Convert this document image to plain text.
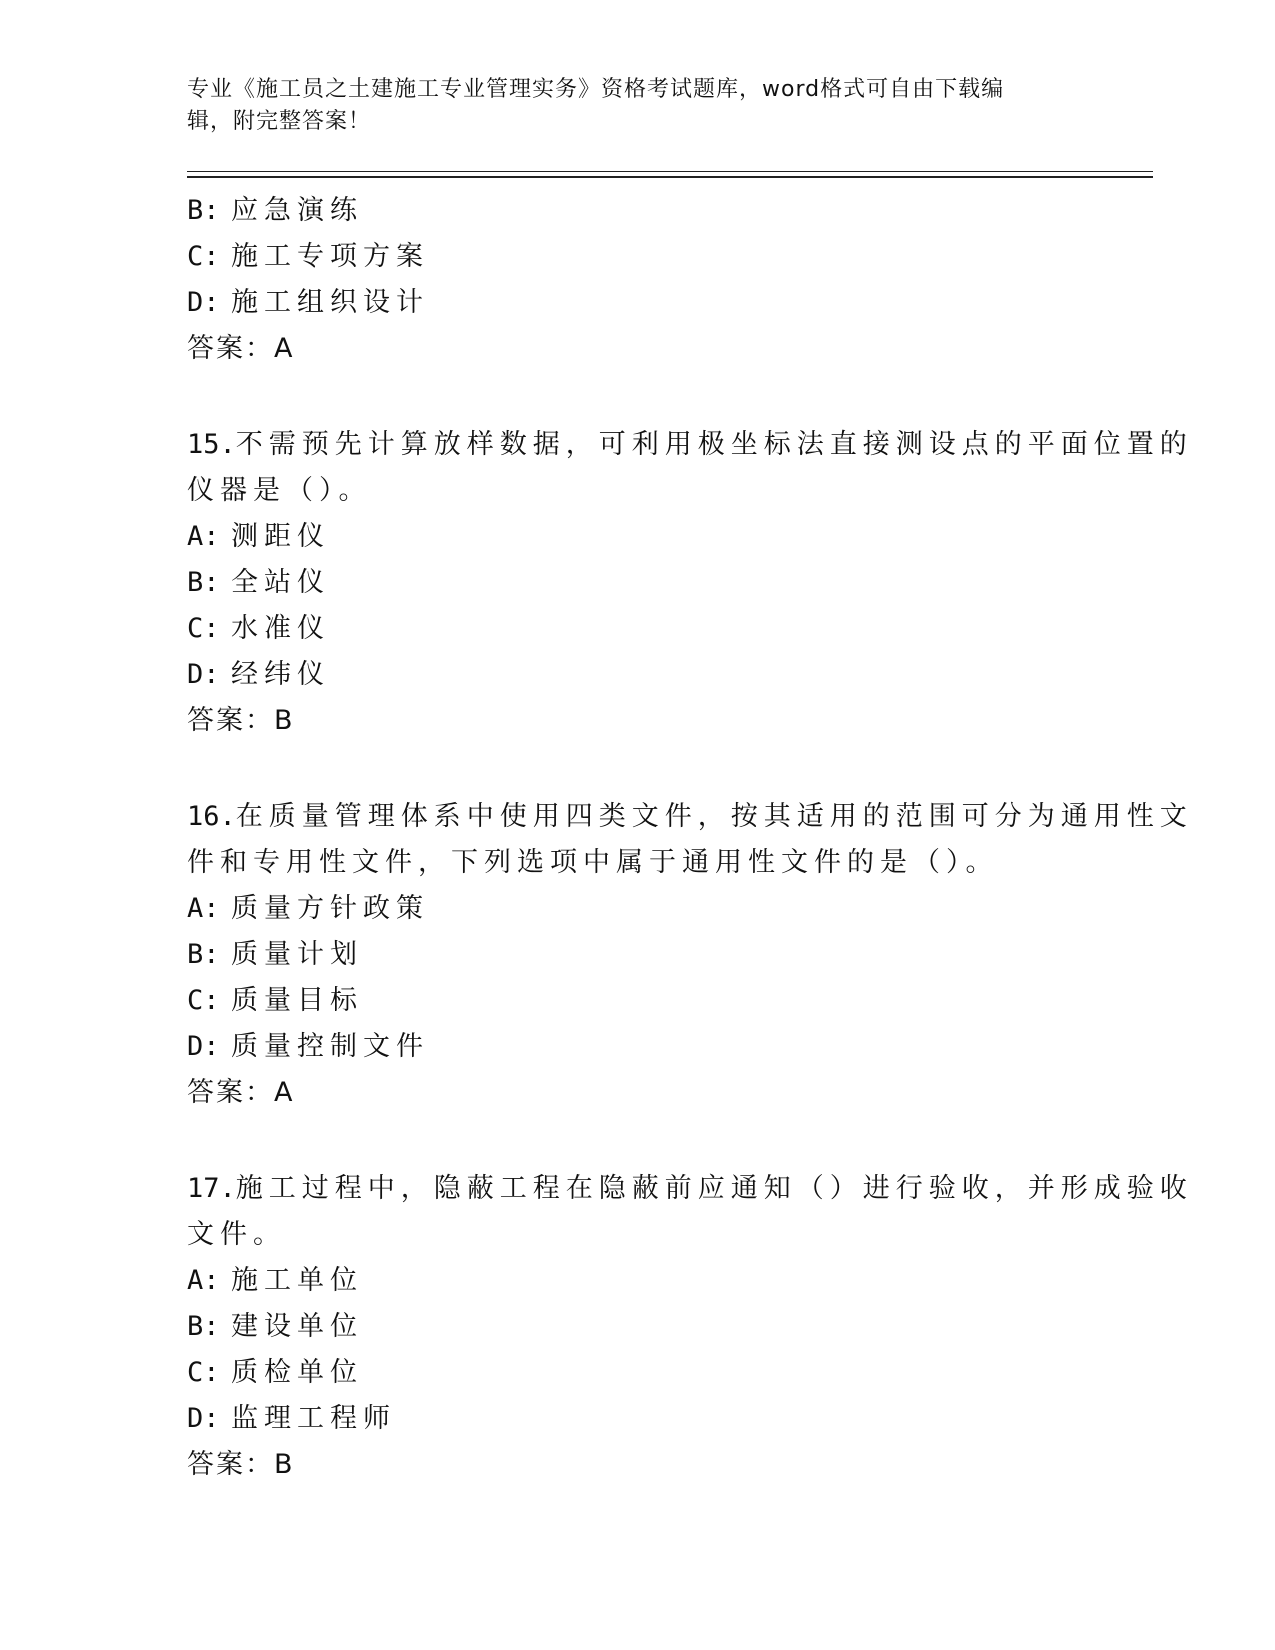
专业《施工员之土建施工专业管理实务》资格考试题库，word格式可自由下载编
辑，附完整答案！

B: 应急演练

C: 施工专项方案

D: 施工组织设计

答案：A

15.不需预先计算放样数据，可利用极坐标法直接测设点的平面位置的

仪器是（）。

A: 测距仪

B: 全站仪

C: 水准仪

D: 经纬仪

答案：B

16.在质量管理体系中使用四类文件，按其适用的范围可分为通用性文

件和专用性文件，下列选项中属于通用性文件的是（）。

A: 质量方针政策

B: 质量计划

C: 质量目标

D: 质量控制文件

答案：A

17.施工过程中，隐蔽工程在隐蔽前应通知（）进行验收，并形成验收

文件。

A: 施工单位

B: 建设单位

C: 质检单位

D: 监理工程师

答案：B
